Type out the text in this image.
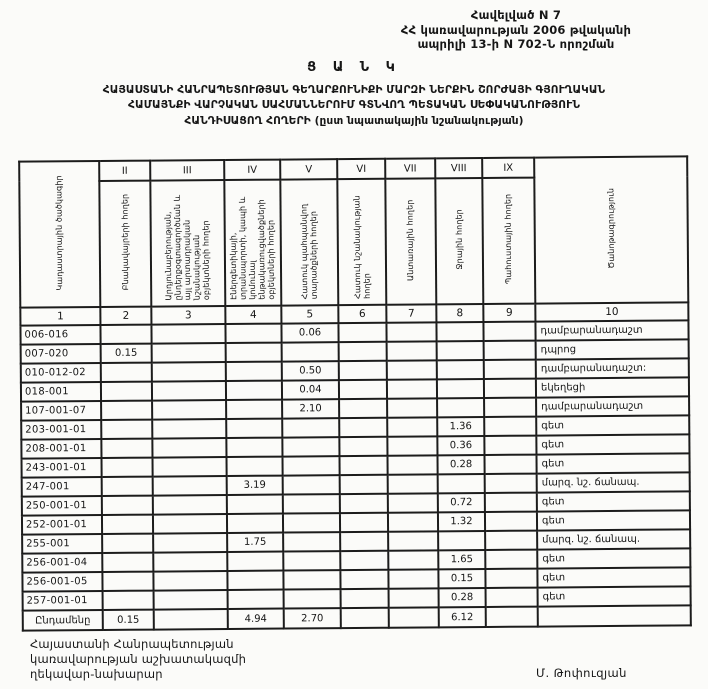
Հավելված N 7
ՀՀ կառավարության 2006 թվականի
ապրիլի 13-ի N 702-Ն որոշման
Ց Ա Ն Կ
ՀԱՅԱՍՏԱՆԻ ՀԱՆՐԱՊԵՏՈՒԹՅԱՆ ԳԵՂԱՐՔՈՒՆԻՔԻ ՄԱՐԶԻ ՆԵՐՔԻՆ ՇՈՐԺԱՅԻ ԳՅՈՒՂԱԿԱՆ
ՀԱՄԱՅՆՔԻ ՎԱՐՉԱԿԱՆ ՍԱՀՄԱՆՆԵՐՈՒՄ ԳՏՆՎՈՂ ՊԵՏԱԿԱՆ ՍԵՓԱԿԱՆՈՒԹՅՈՒՆ
ՀԱՆԴԻՍԱՑՈՂ ՀՈՂԵՐԻ (ըստ նպատակային նշանակության)
Կադաստրային ծածկագիր	II	III	IV	V	VI	VII	VIII	IX	Ծանոթագրություն
	Բնակավայրերի հողեր	Արդյունաբերության, ընդերքօգտագործման և այլ արտադրական նշանակության օբյեկտների հողեր	Էներգետիկայի, տրանսպորտի, կապի և կոմունալ ենթակառուցվածքների օբյեկտների հողեր	Հատուկ պահպանվող տարածքների հողեր	Հատուկ նշանակության հողեր	Անտառային հողեր	Ջրային հողեր	Պահուստային հողեր	
1	2	3	4	5	6	7	8	9	10
006-016				0.06					դամբարանադաշտ
007-020	0.15								դպրոց
010-012-02				0.50					դամբարանադաշտ:
018-001				0.04					եկեղեցի
107-001-07				2.10					դամբարանադաշտ
203-001-01							1.36		գետ
208-001-01							0.36		գետ
243-001-01							0.28		գետ
247-001			3.19						մարզ. նշ. ճանապ.
250-001-01							0.72		գետ
252-001-01							1.32		գետ
255-001			1.75						մարզ. նշ. ճանապ.
256-001-04							1.65		գետ
256-001-05							0.15		գետ
257-001-01							0.28		գետ
Ընդամենը	0.15		4.94	2.70			6.12		
Հայաստանի Հանրապետության
կառավարության աշխատակազմի
ղեկավար-նախարար	Մ. Թոփուզյան
